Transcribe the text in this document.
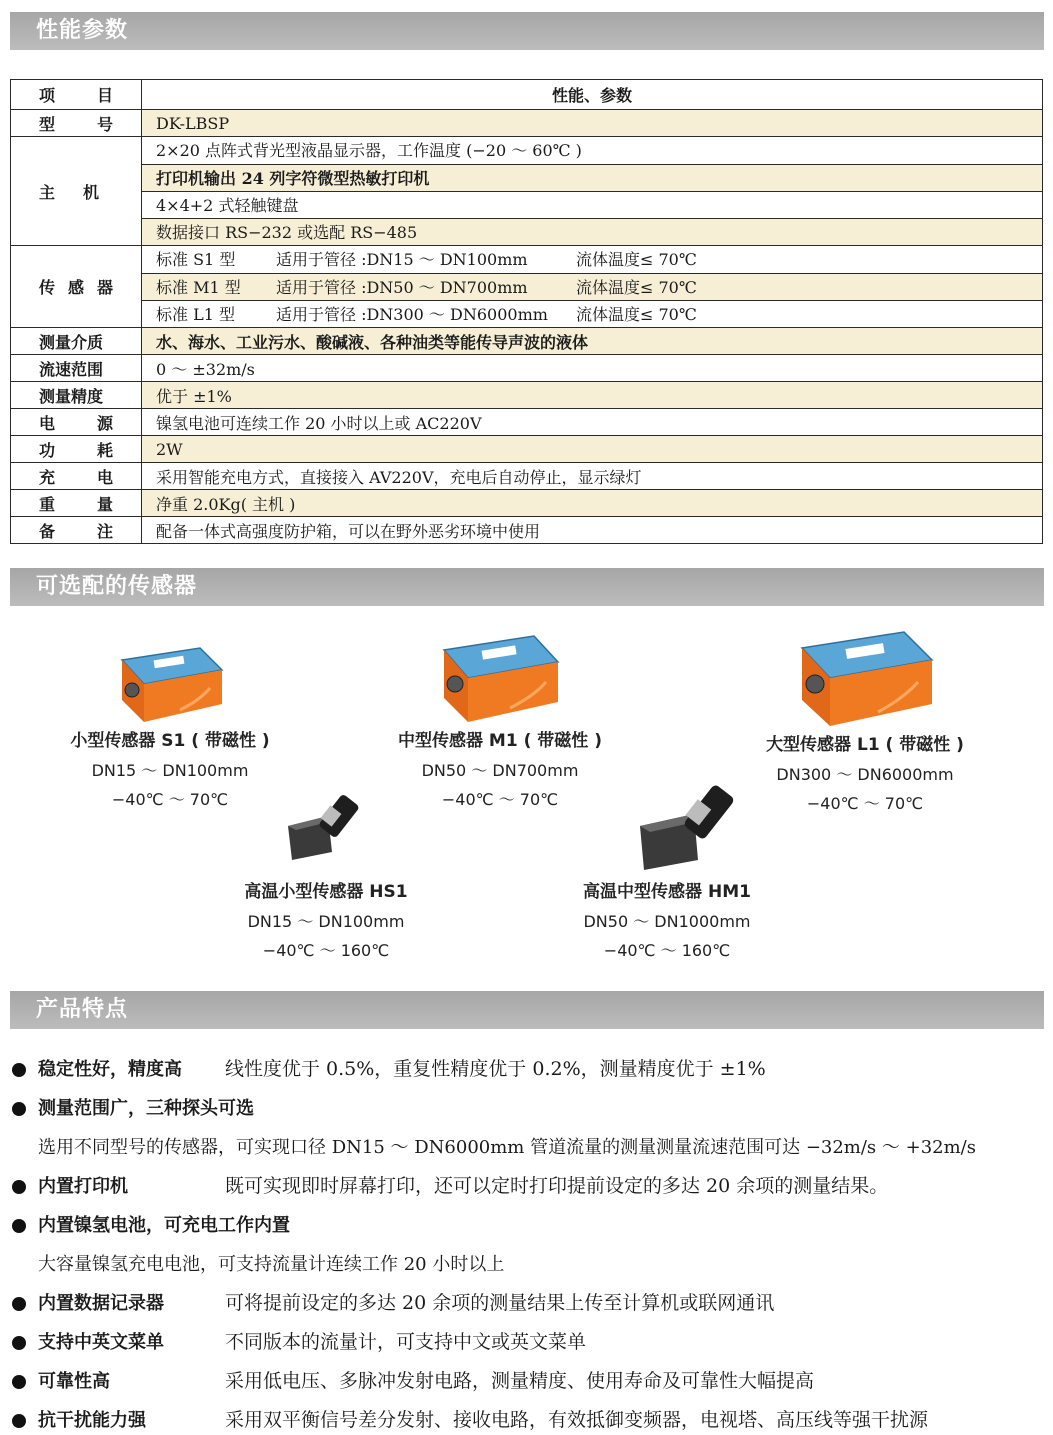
性能参数
项 目	性能、参数

型 号	DK-LBSP

主 机	2×20 点阵式背光型液晶显示器，工作温度 (−20 ～ 60℃ )
打印机输出 24 列字符微型热敏打印机
4×4+2 式轻触键盘
数据接口 RS−232 或选配 RS−485

传 感 器	标准 S1 型 适用于管径 :DN15 ～ DN100mm 流体温度≤ 70℃
标准 M1 型 适用于管径 :DN50 ～ DN700mm 流体温度≤ 70℃
标准 L1 型 适用于管径 :DN300 ～ DN6000mm 流体温度≤ 70℃

测量介质	水、海水、工业污水、酸碱液、各种油类等能传导声波的液体
流速范围	0 ～ ±32m/s
测量精度	优于 ±1%

电 源	镍氢电池可连续工作 20 小时以上或 AC220V

功 耗	2W

充 电	采用智能充电方式，直接接入 AV220V，充电后自动停止，显示绿灯

重 量	净重 2.0Kg( 主机 )

备 注	配备一体式高强度防护箱，可以在野外恶劣环境中使用
可选配的传感器
小型传感器 S1 ( 带磁性 )
DN15 ～ DN100mm
−40℃ ～ 70℃
中型传感器 M1 ( 带磁性 )
DN50 ～ DN700mm
−40℃ ～ 70℃
大型传感器 L1 ( 带磁性 )
DN300 ～ DN6000mm
−40℃ ～ 70℃
高温小型传感器 HS1
DN15 ～ DN100mm
−40℃ ～ 160℃
高温中型传感器 HM1
DN50 ～ DN1000mm
−40℃ ～ 160℃
产品特点
稳定性好，精度高 线性度优于 0.5%，重复性精度优于 0.2%，测量精度优于 ±1%
测量范围广，三种探头可选
选用不同型号的传感器，可实现口径 DN15 ～ DN6000mm 管道流量的测量测量流速范围可达 −32m/s ～ +32m/s
内置打印机	既可实现即时屏幕打印，还可以定时打印提前设定的多达 20 余项的测量结果。
内置镍氢电池，可充电工作内置
大容量镍氢充电电池，可支持流量计连续工作 20 小时以上
内置数据记录器	可将提前设定的多达 20 余项的测量结果上传至计算机或联网通讯
支持中英文菜单	不同版本的流量计，可支持中文或英文菜单
可靠性高	采用低电压、多脉冲发射电路，测量精度、使用寿命及可靠性大幅提高
抗干扰能力强	采用双平衡信号差分发射、接收电路，有效抵御变频器，电视塔、高压线等强干扰源
